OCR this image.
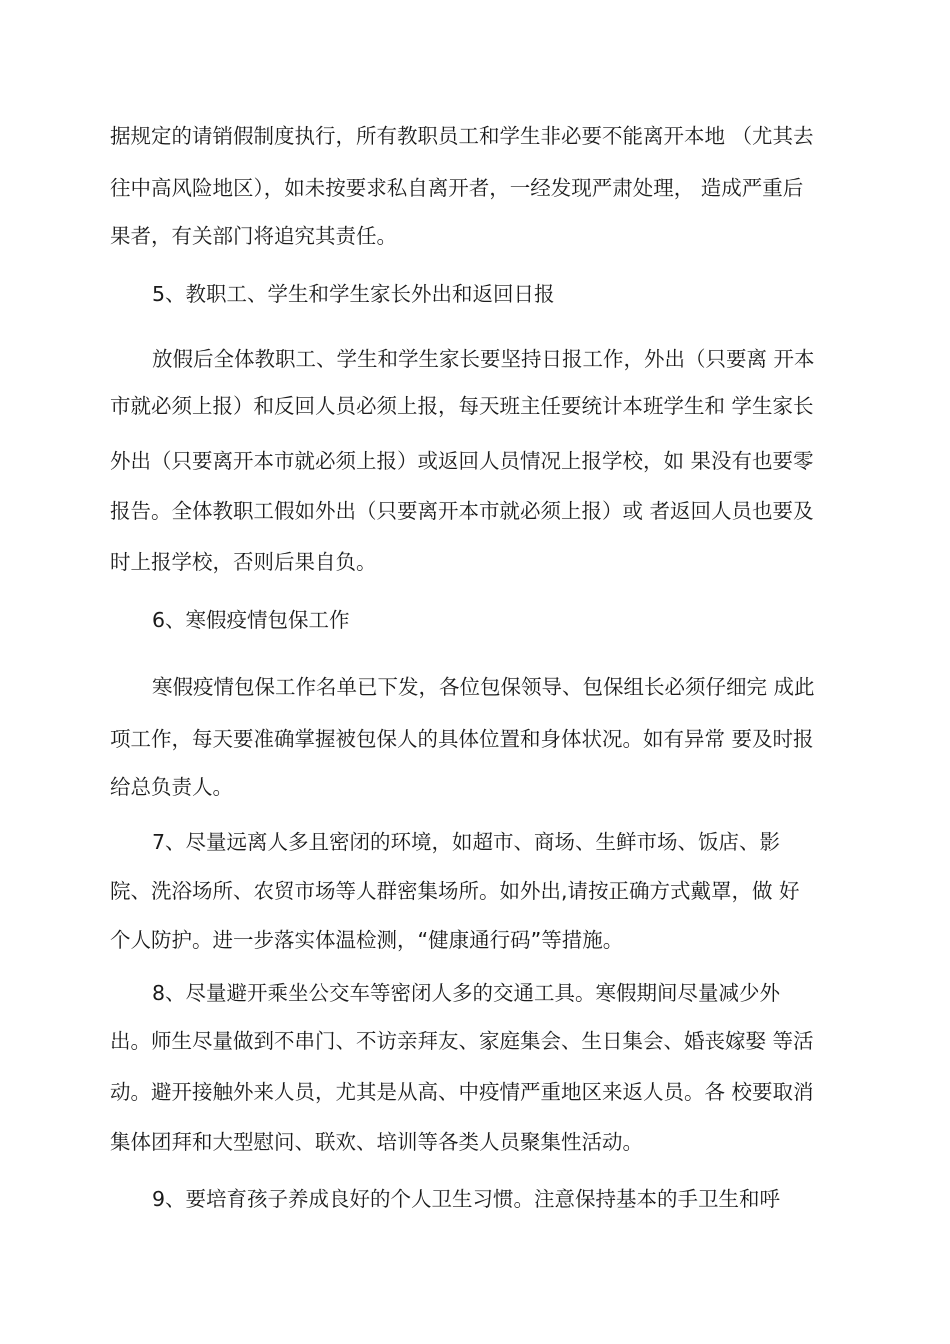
据规定的请销假制度执行，所有教职员工和学生非必要不能离开本地 （尤其去
往中高风险地区），如未按要求私自离开者，一经发现严肃处理， 造成严重后
果者，有关部门将追究其责任。
5、教职工、学生和学生家长外出和返回日报
放假后全体教职工、学生和学生家长要坚持日报工作，外出（只要离 开本
市就必须上报）和反回人员必须上报，每天班主任要统计本班学生和 学生家长
外出（只要离开本市就必须上报）或返回人员情况上报学校，如 果没有也要零
报告。全体教职工假如外出（只要离开本市就必须上报）或 者返回人员也要及
时上报学校，否则后果自负。
6、寒假疫情包保工作
寒假疫情包保工作名单已下发，各位包保领导、包保组长必须仔细完 成此
项工作，每天要准确掌握被包保人的具体位置和身体状况。如有异常 要及时报
给总负责人。
7、尽量远离人多且密闭的环境，如超市、商场、生鲜市场、饭店、影
院、洗浴场所、农贸市场等人群密集场所。如外出,请按正确方式戴罩，做 好
个人防护。进一步落实体温检测，“健康通行码”等措施。
8、尽量避开乘坐公交车等密闭人多的交通工具。寒假期间尽量减少外
出。师生尽量做到不串门、不访亲拜友、家庭集会、生日集会、婚丧嫁娶 等活
动。避开接触外来人员，尤其是从高、中疫情严重地区来返人员。各 校要取消
集体团拜和大型慰问、联欢、培训等各类人员聚集性活动。
9、要培育孩子养成良好的个人卫生习惯。注意保持基本的手卫生和呼
